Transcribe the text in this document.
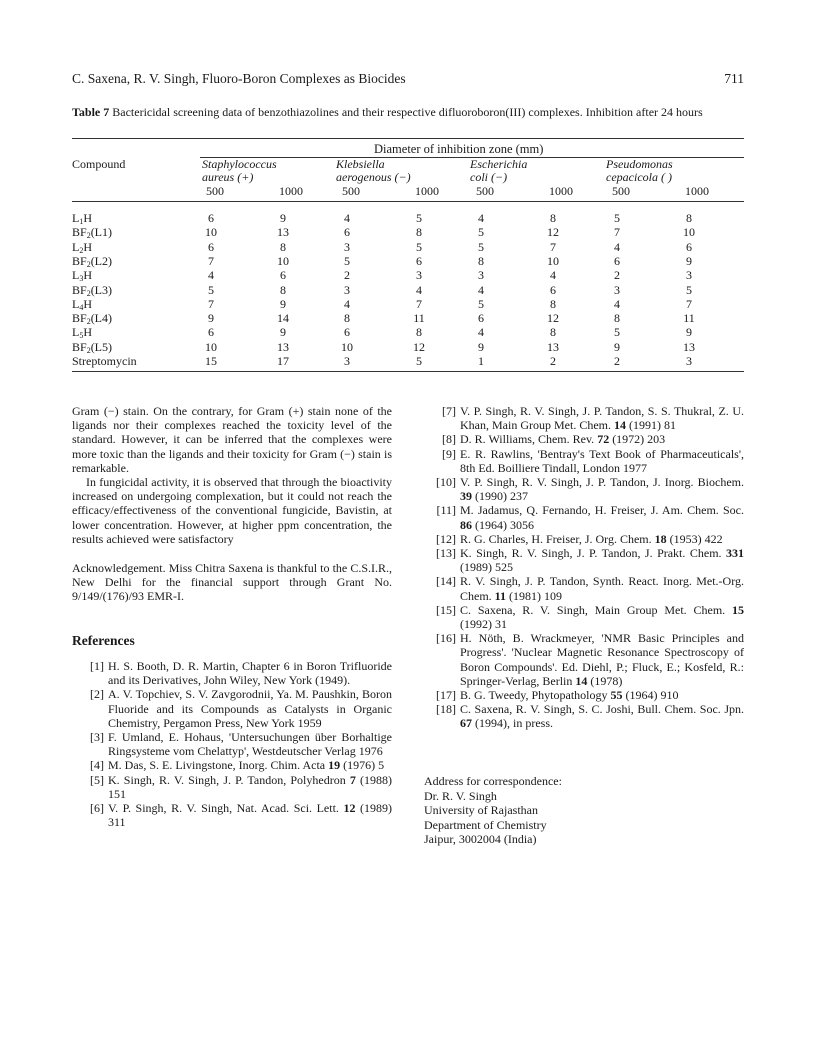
C. Saxena, R. V. Singh, Fluoro-Boron Complexes as Biocides	711
Table 7 Bactericidal screening data of benzothiazolines and their respective difluoroboron(III) complexes. Inhibition after 24 hours
Diameter of inhibition zone (mm)
Compound	Staphylococcus
aureus (+)
Klebsiella
aerogenous (−)
Escherichia
coli (−)
Pseudomonas
cepacicola ( )
500	1000	500	1000	500	1000	500	1000
$L_1H$	6	9	4	5	4	8	5	8
$BF_2(L1)$	10	13	6	8	5	12	7	10
$L_2H$	6	8	3	5	5	7	4	6
$BF_2(L2)$	7	10	5	6	8	10	6	9
$L_3H$	4	6	2	3	3	4	2	3
$BF_2(L3)$	5	8	3	4	4	6	3	5
$L_4H$	7	9	4	7	5	8	4	7
$BF_2(L4)$	9	14	8	11	6	12	8	11
$L_5H$	6	9	6	8	4	8	5	9
$BF_2(L5)$	10	13	10	12	9	13	9	13
Streptomycin	15	17	3	5	1	2	2	3

Gram (−) stain. On the contrary, for Gram (+) stain none of the ligands nor their complexes reached the toxicity level of the standard. However, it can be inferred that the complexes were more toxic than the ligands and their toxicity for Gram (−) stain is remarkable.

In fungicidal activity, it is observed that through the bioactivity increased on undergoing complexation, but it could not reach the efficacy/effectiveness of the conventional fungicide, Bavistin, at lower concentration. However, at higher ppm concentration, the results achieved were satisfactory

Acknowledgement. Miss Chitra Saxena is thankful to the C.S.I.R., New Delhi for the financial support through Grant No. 9/149/(176)/93 EMR-I.

References

[1] H. S. Booth, D. R. Martin, Chapter 6 in Boron Trifluoride and its Derivatives, John Wiley, New York (1949).

[2] A. V. Topchiev, S. V. Zavgorodnii, Ya. M. Paushkin, Boron Fluoride and its Compounds as Catalysts in Organic Chemistry, Pergamon Press, New York 1959

[3] F. Umland, E. Hohaus, 'Untersuchungen über Borhaltige Ringsysteme vom Chelattyp', Westdeutscher Verlag 1976

[4] M. Das, S. E. Livingstone, Inorg. Chim. Acta 19 (1976) 5

[5] K. Singh, R. V. Singh, J. P. Tandon, Polyhedron 7 (1988) 151

[6] V. P. Singh, R. V. Singh, Nat. Acad. Sci. Lett. 12 (1989) 311

[7] V. P. Singh, R. V. Singh, J. P. Tandon, S. S. Thukral, Z. U. Khan, Main Group Met. Chem. 14 (1991) 81

[8] D. R. Williams, Chem. Rev. 72 (1972) 203

[9] E. R. Rawlins, 'Bentray's Text Book of Pharmaceuticals', 8th Ed. Boilliere Tindall, London 1977

[10] V. P. Singh, R. V. Singh, J. P. Tandon, J. Inorg. Biochem. 39 (1990) 237

[11] M. Jadamus, Q. Fernando, H. Freiser, J. Am. Chem. Soc. 86 (1964) 3056

[12] R. G. Charles, H. Freiser, J. Org. Chem. 18 (1953) 422

[13] K. Singh, R. V. Singh, J. P. Tandon, J. Prakt. Chem. 331 (1989) 525

[14] R. V. Singh, J. P. Tandon, Synth. React. Inorg. Met.-Org. Chem. 11 (1981) 109

[15] C. Saxena, R. V. Singh, Main Group Met. Chem. 15 (1992) 31

[16] H. Nöth, B. Wrackmeyer, 'NMR Basic Principles and Progress'. 'Nuclear Magnetic Resonance Spectroscopy of Boron Compounds'. Ed. Diehl, P.; Fluck, E.; Kosfeld, R.: Springer-Verlag, Berlin 14 (1978)

[17] B. G. Tweedy, Phytopathology 55 (1964) 910

[18] C. Saxena, R. V. Singh, S. C. Joshi, Bull. Chem. Soc. Jpn. 67 (1994), in press.

Address for correspondence:
Dr. R. V. Singh
University of Rajasthan
Department of Chemistry
Jaipur, 3002004 (India)
